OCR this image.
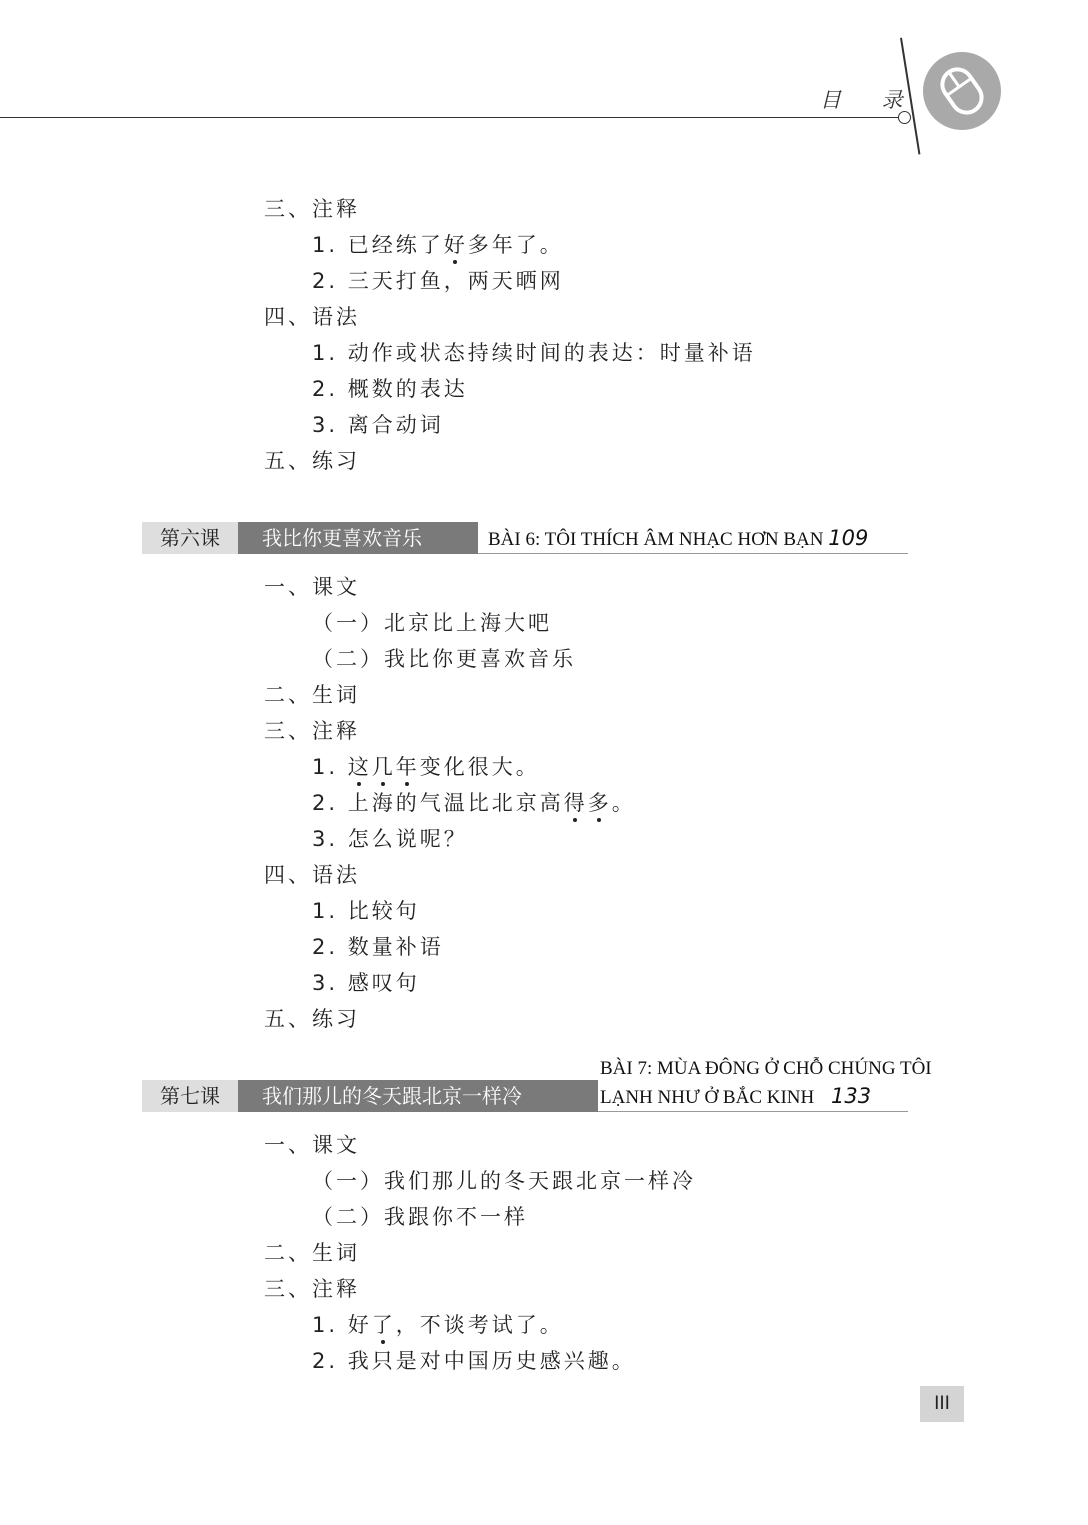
目 录
三、注释
1. 已经练了好多年了。
2. 三天打鱼，两天晒网
四、语法
1. 动作或状态持续时间的表达：时量补语
2. 概数的表达
3. 离合动词
五、练习
第六课	我比你更喜欢音乐	BÀI 6: TÔI THÍCH ÂM NHẠC HƠN BẠN 109
一、课文
（一）北京比上海大吧
（二）我比你更喜欢音乐
二、生词
三、注释
1. 这几年变化很大。
2. 上海的气温比北京高得多。
3. 怎么说呢？
四、语法
1. 比较句
2. 数量补语
3. 感叹句
五、练习
第七课	我们那儿的冬天跟北京一样冷
BÀI 7: MÙA ĐÔNG Ở CHỖ CHÚNG TÔI
LẠNH NHƯ Ở BẮC KINH 133
一、课文
（一）我们那儿的冬天跟北京一样冷
（二）我跟你不一样
二、生词
三、注释
1. 好了，不谈考试了。
2. 我只是对中国历史感兴趣。
III
